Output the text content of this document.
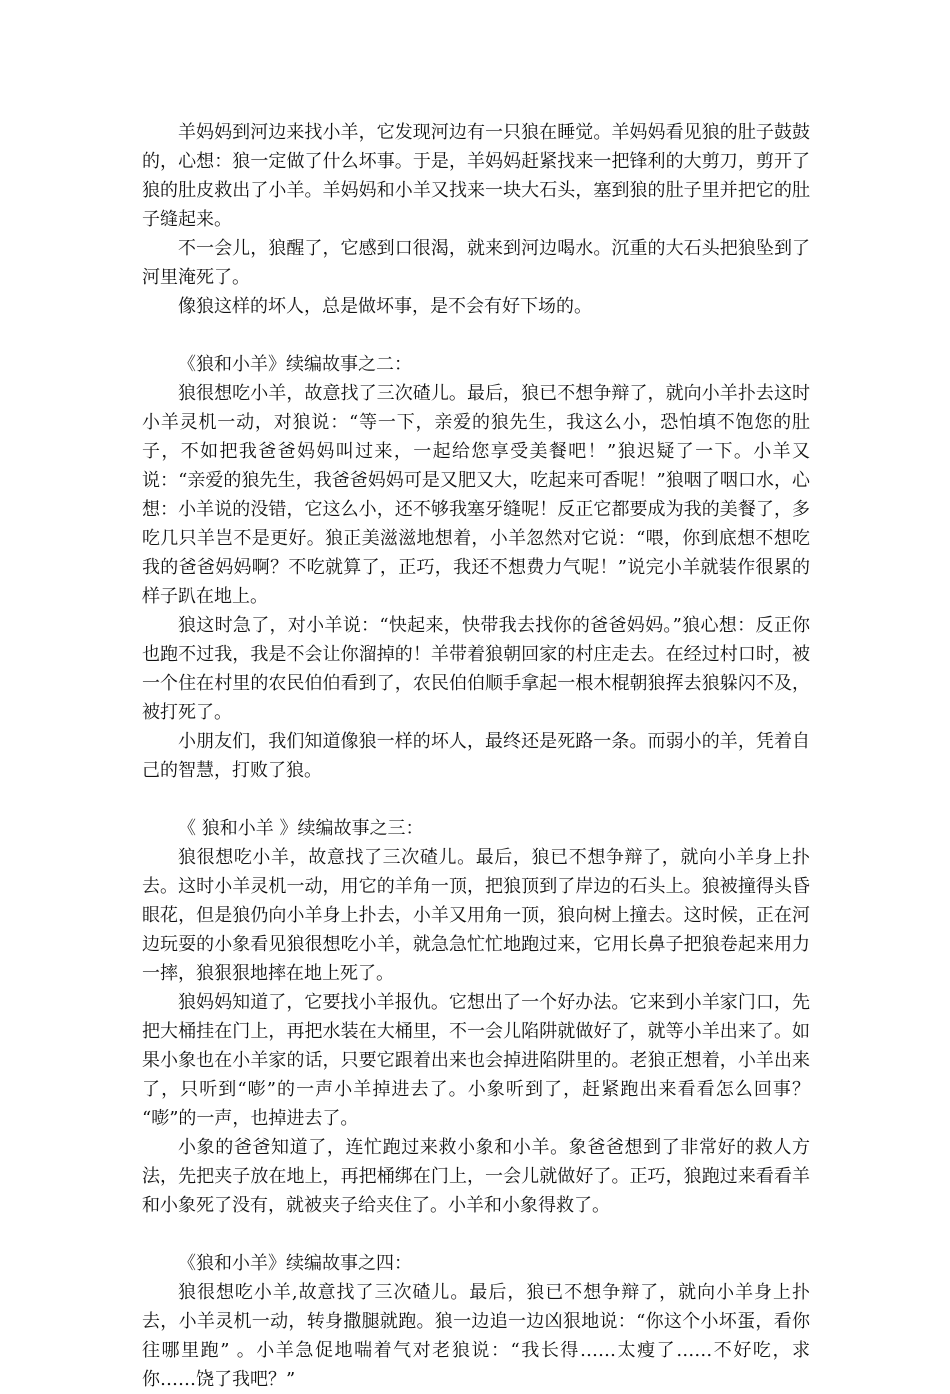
羊妈妈到河边来找小羊，它发现河边有一只狼在睡觉。羊妈妈看见狼的肚子鼓鼓的，心想：狼一定做了什么坏事。于是，羊妈妈赶紧找来一把锋利的大剪刀，剪开了狼的肚皮救出了小羊。羊妈妈和小羊又找来一块大石头，塞到狼的肚子里并把它的肚子缝起来。

不一会儿，狼醒了，它感到口很渴，就来到河边喝水。沉重的大石头把狼坠到了河里淹死了。

像狼这样的坏人，总是做坏事，是不会有好下场的。

《狼和小羊》续编故事之二：

狼很想吃小羊，故意找了三次碴儿。最后，狼已不想争辩了，就向小羊扑去这时小羊灵机一动，对狼说：“等一下，亲爱的狼先生，我这么小，恐怕填不饱您的肚子，不如把我爸爸妈妈叫过来，一起给您享受美餐吧！”狼迟疑了一下。小羊又说：“亲爱的狼先生，我爸爸妈妈可是又肥又大，吃起来可香呢！”狼咽了咽口水，心想：小羊说的没错，它这么小，还不够我塞牙缝呢！反正它都要成为我的美餐了，多吃几只羊岂不是更好。狼正美滋滋地想着，小羊忽然对它说：“喂，你到底想不想吃我的爸爸妈妈啊？不吃就算了，正巧，我还不想费力气呢！”说完小羊就装作很累的样子趴在地上。

狼这时急了，对小羊说：“快起来，快带我去找你的爸爸妈妈。”狼心想：反正你也跑不过我，我是不会让你溜掉的！羊带着狼朝回家的村庄走去。在经过村口时，被一个住在村里的农民伯伯看到了，农民伯伯顺手拿起一根木棍朝狼挥去狼躲闪不及，被打死了。

小朋友们，我们知道像狼一样的坏人，最终还是死路一条。而弱小的羊，凭着自己的智慧，打败了狼。

《 狼和小羊 》续编故事之三：

狼很想吃小羊，故意找了三次碴儿。最后，狼已不想争辩了，就向小羊身上扑去。这时小羊灵机一动，用它的羊角一顶，把狼顶到了岸边的石头上。狼被撞得头昏眼花，但是狼仍向小羊身上扑去，小羊又用角一顶，狼向树上撞去。这时候，正在河边玩耍的小象看见狼很想吃小羊，就急急忙忙地跑过来，它用长鼻子把狼卷起来用力一摔，狼狠狠地摔在地上死了。

狼妈妈知道了，它要找小羊报仇。它想出了一个好办法。它来到小羊家门口，先把大桶挂在门上，再把水装在大桶里，不一会儿陷阱就做好了，就等小羊出来了。如果小象也在小羊家的话，只要它跟着出来也会掉进陷阱里的。老狼正想着，小羊出来了，只听到“嘭”的一声小羊掉进去了。小象听到了，赶紧跑出来看看怎么回事？ “嘭”的一声，也掉进去了。

小象的爸爸知道了，连忙跑过来救小象和小羊。象爸爸想到了非常好的救人方法，先把夹子放在地上，再把桶绑在门上，一会儿就做好了。正巧，狼跑过来看看羊和小象死了没有，就被夹子给夹住了。小羊和小象得救了。

《狼和小羊》续编故事之四：

狼很想吃小羊,故意找了三次碴儿。最后，狼已不想争辩了，就向小羊身上扑去，小羊灵机一动，转身撒腿就跑。狼一边追一边凶狠地说：“你这个小坏蛋，看你往哪里跑” 。小羊急促地喘着气对老狼说：“我长得……太瘦了……不好吃，求你……饶了我吧？”
